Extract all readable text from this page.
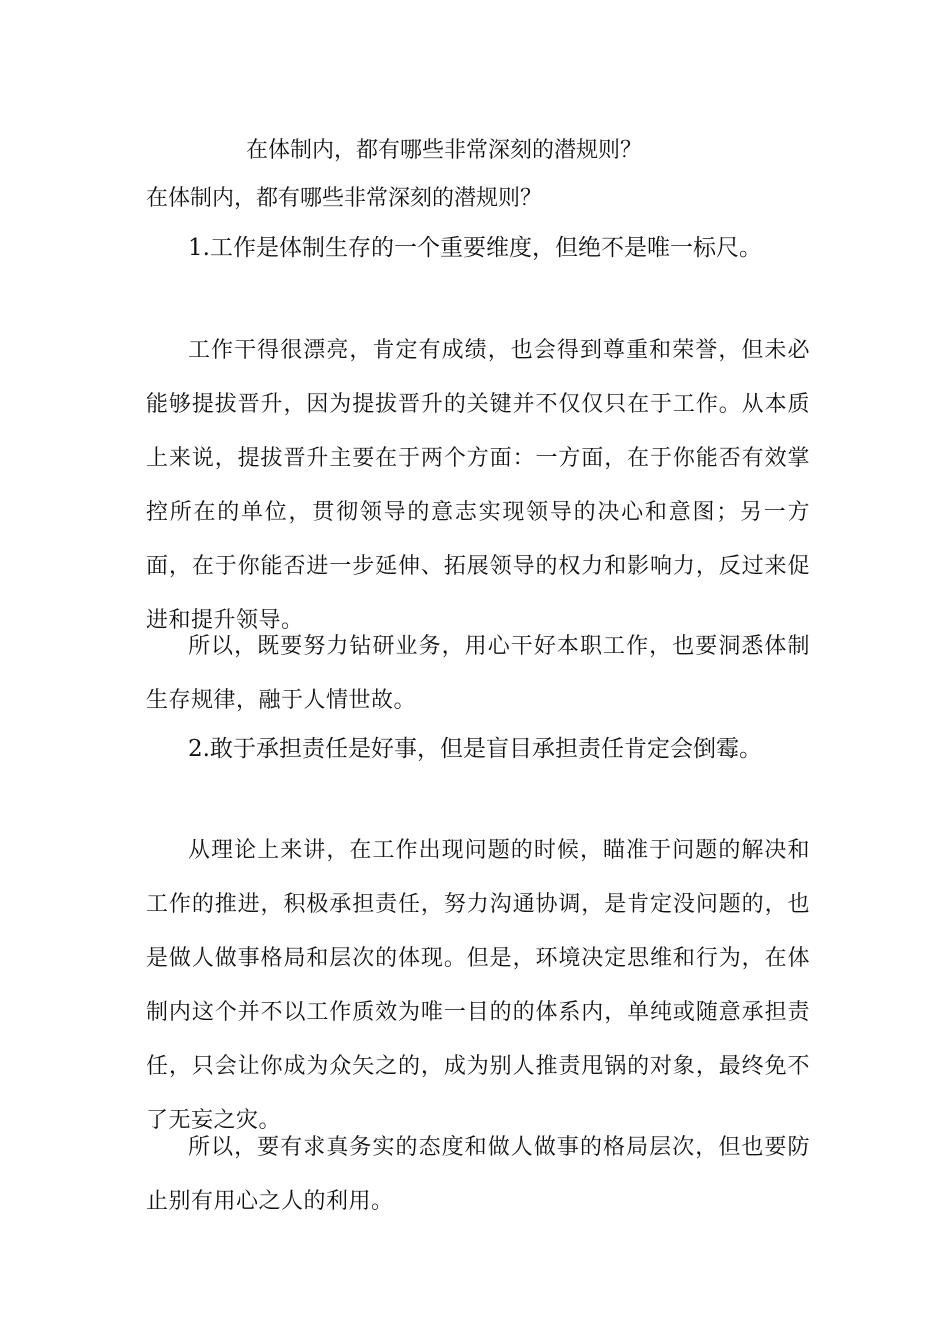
在体制内，都有哪些非常深刻的潜规则？
在体制内，都有哪些非常深刻的潜规则？
1.工作是体制生存的一个重要维度，但绝不是唯一标尺。
工作干得很漂亮，肯定有成绩，也会得到尊重和荣誉，但未必能够提拔晋升，因为提拔晋升的关键并不仅仅只在于工作。从本质上来说，提拔晋升主要在于两个方面：一方面，在于你能否有效掌控所在的单位，贯彻领导的意志实现领导的决心和意图；另一方面，在于你能否进一步延伸、拓展领导的权力和影响力，反过来促进和提升领导。
所以，既要努力钻研业务，用心干好本职工作，也要洞悉体制生存规律，融于人情世故。
2.敢于承担责任是好事，但是盲目承担责任肯定会倒霉。
从理论上来讲，在工作出现问题的时候，瞄准于问题的解决和工作的推进，积极承担责任，努力沟通协调，是肯定没问题的，也是做人做事格局和层次的体现。但是，环境决定思维和行为，在体制内这个并不以工作质效为唯一目的的体系内，单纯或随意承担责任，只会让你成为众矢之的，成为别人推责甩锅的对象，最终免不了无妄之灾。
所以，要有求真务实的态度和做人做事的格局层次，但也要防止别有用心之人的利用。
